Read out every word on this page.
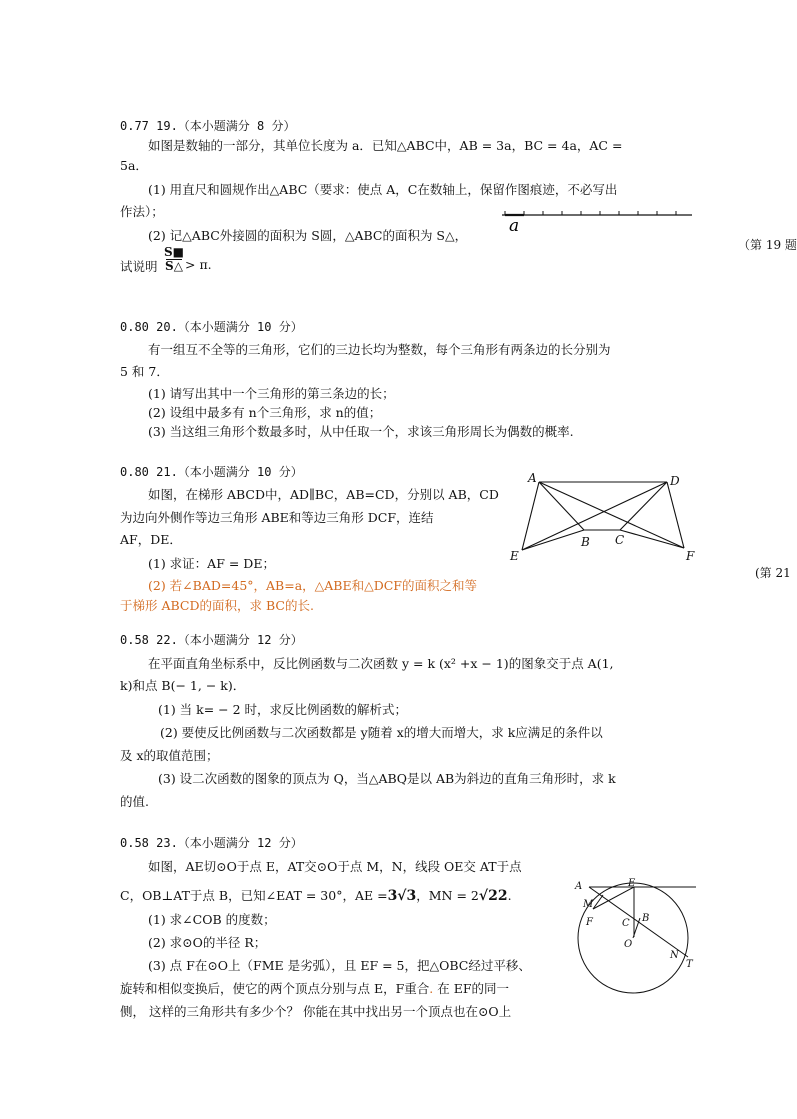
0.77 19.（本小题满分 8 分）
如图是数轴的一部分，其单位长度为 a．已知△ABC中，AB = 3a，BC = 4a，AC =
5a．
(1) 用直尺和圆规作出△ABC（要求：使点 A，C在数轴上，保留作图痕迹，不必写出
作法）；
(2) 记△ABC外接圆的面积为 S圆，△ABC的面积为 S△，
试说明
S■
S△ > π.
a
（第 19 题
0.80 20.（本小题满分 10 分）
有一组互不全等的三角形，它们的三边长均为整数，每个三角形有两条边的长分别为
5 和 7．
(1) 请写出其中一个三角形的第三条边的长；
(2) 设组中最多有 n个三角形，求 n的值；
(3) 当这组三角形个数最多时，从中任取一个，求该三角形周长为偶数的概率.
0.80 21.（本小题满分 10 分）
如图，在梯形 ABCD中，AD∥BC，AB=CD，分别以 AB，CD
为边向外侧作等边三角形 ABE和等边三角形 DCF，连结
AF，DE．
(1) 求证：AF = DE；
(2) 若∠BAD=45°，AB=a，△ABE和△DCF的面积之和等
于梯形 ABCD的面积，求 BC的长.
A	D
B C
E	F
(第 21
0.58 22.（本小题满分 12 分）
在平面直角坐标系中，反比例函数与二次函数 y = k (x² +x − 1)的图象交于点 A(1,
k)和点 B(− 1, − k)．
(1) 当 k= − 2 时，求反比例函数的解析式；
(2) 要使反比例函数与二次函数都是 y随着 x的增大而增大，求 k应满足的条件以
及 x的取值范围；
(3) 设二次函数的图象的顶点为 Q，当△ABQ是以 AB为斜边的直角三角形时，求 k
的值.
0.58 23.（本小题满分 12 分）
如图，AE切⊙O于点 E，AT交⊙O于点 M，N，线段 OE交 AT于点
C，OB⊥AT于点 B，已知∠EAT = 30°，AE =3√3，MN = 2√22.
(1) 求∠COB 的度数；
(2) 求⊙O的半径 R；
(3) 点 F在⊙O上（FME 是劣弧），且 EF = 5，把△OBC经过平移、
旋转和相似变换后，使它的两个顶点分别与点 E，F重合. 在 EF的同一
侧， 这样的三角形共有多少个？ 你能在其中找出另一个顶点也在⊙O上
A	E
M
F	C B
O
N
T
